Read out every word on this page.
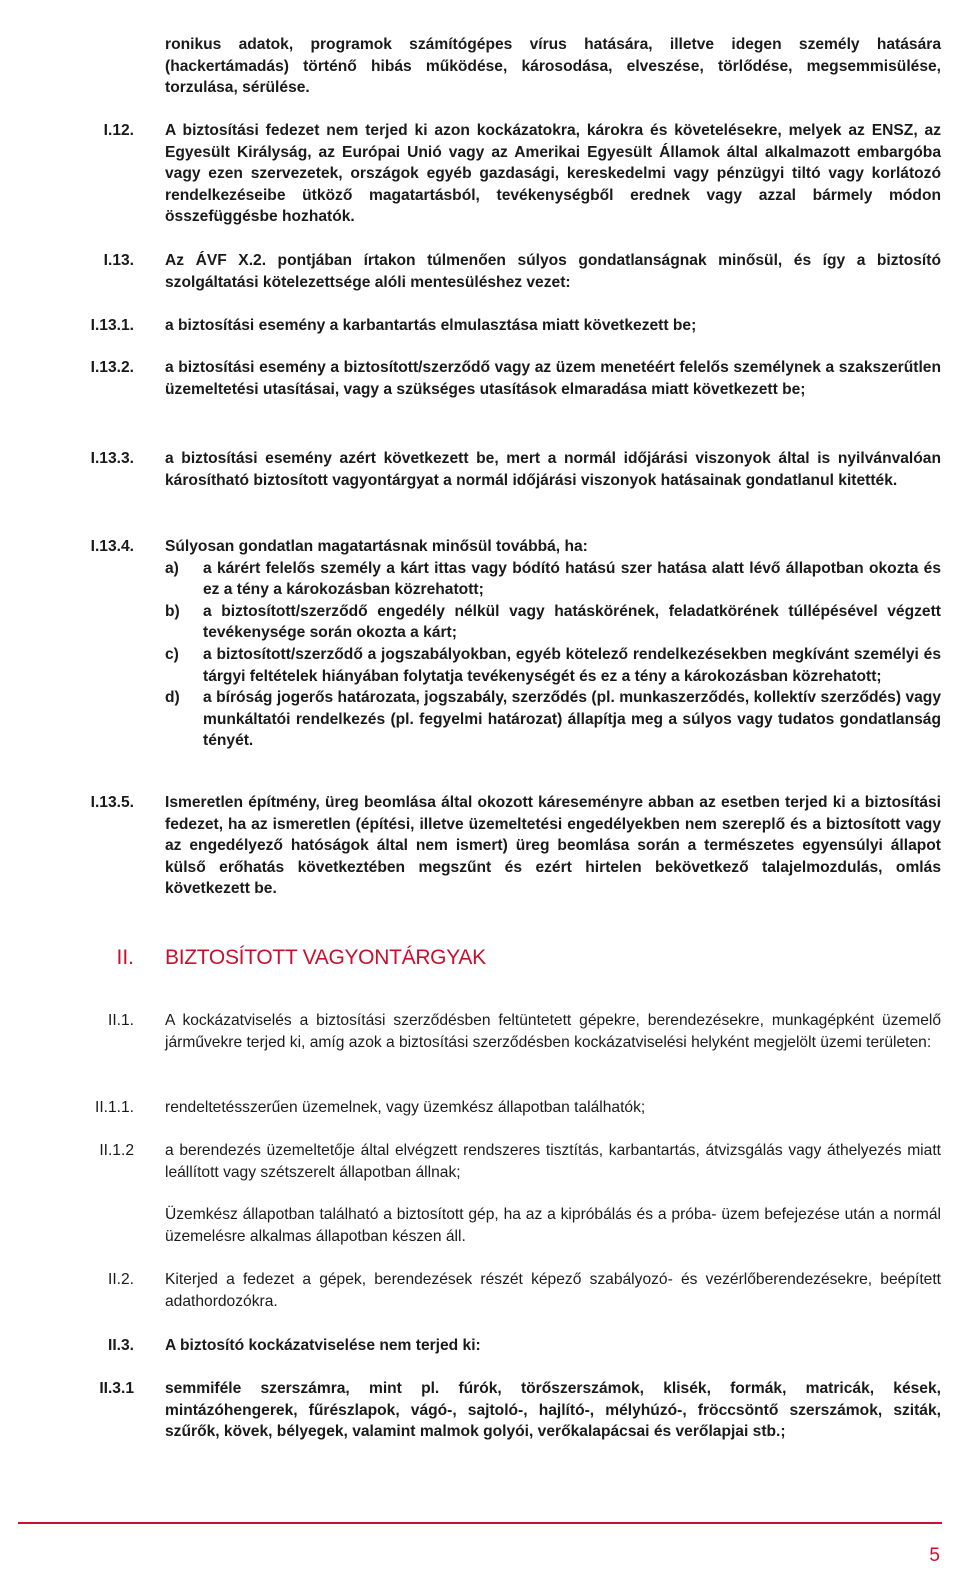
ronikus adatok, programok számítógépes vírus hatására, illetve idegen személy hatására (hackertámadás) történő hibás működése, károsodása, elveszése, törlődése, megsemmisülése, torzulása, sérülése.
I.12. A biztosítási fedezet nem terjed ki azon kockázatokra, károkra és követelésekre, melyek az ENSZ, az Egyesült Királyság, az Európai Unió vagy az Amerikai Egyesült Államok által alkalmazott embargóba vagy ezen szervezetek, országok egyéb gazdasági, kereskedelmi vagy pénzügyi tiltó vagy korlátozó rendelkezéseibe ütköző magatartásból, tevékenységből erednek vagy azzal bármely módon összefüggésbe hozhatók.
I.13. Az ÁVF X.2. pontjában írtakon túlmenően súlyos gondatlanságnak minősül, és így a biztosító szolgáltatási kötelezettsége alóli mentesüléshez vezet:
I.13.1. a biztosítási esemény a karbantartás elmulasztása miatt következett be;
I.13.2. a biztosítási esemény a biztosított/szerződő vagy az üzem menetéért felelős személynek a szakszerűtlen üzemeltetési utasításai, vagy a szükséges utasítások elmaradása miatt következett be;
I.13.3. a biztosítási esemény azért következett be, mert a normál időjárási viszonyok által is nyilvánvalóan károsítható biztosított vagyontárgyat a normál időjárási viszonyok hatásainak gondatlanul kitették.
I.13.4. Súlyosan gondatlan magatartásnak minősül továbbá, ha:
a) a kárért felelős személy a kárt ittas vagy bódító hatású szer hatása alatt lévő állapotban okozta és ez a tény a károkozásban közrehatott;
b) a biztosított/szerződő engedély nélkül vagy hatáskörének, feladatkörének túllépésével végzett tevékenysége során okozta a kárt;
c) a biztosított/szerződő a jogszabályokban, egyéb kötelező rendelkezésekben megkívánt személyi és tárgyi feltételek hiányában folytatja tevékenységét és ez a tény a károkozásban közrehatott;
d) a bíróság jogerős határozata, jogszabály, szerződés (pl. munkaszerződés, kollektív szerződés) vagy munkáltatói rendelkezés (pl. fegyelmi határozat) állapítja meg a súlyos vagy tudatos gondatlanság tényét.
I.13.5. Ismeretlen építmény, üreg beomlása által okozott káreseményre abban az esetben terjed ki a biztosítási fedezet, ha az ismeretlen (építési, illetve üzemeltetési engedélyekben nem szereplő és a biztosított vagy az engedélyező hatóságok által nem ismert) üreg beomlása során a természetes egyensúlyi állapot külső erőhatás következtében megszűnt és ezért hirtelen bekövetkező talajelmozdulás, omlás következett be.
II. BIZTOSÍTOTT VAGYONTÁRGYAK
II.1. A kockázatviselés a biztosítási szerződésben feltüntetett gépekre, berendezésekre, munkagépként üzemelő járművekre terjed ki, amíg azok a biztosítási szerződésben kockázatviselési helyként megjelölt üzemi területen:
II.1.1. rendeltetésszerűen üzemelnek, vagy üzemkész állapotban találhatók;
II.1.2 a berendezés üzemeltetője által elvégzett rendszeres tisztítás, karbantartás, átvizsgálás vagy áthelyezés miatt leállított vagy szétszerelt állapotban állnak;
Üzemkész állapotban található a biztosított gép, ha az a kipróbálás és a próba- üzem befejezése után a normál üzemelésre alkalmas állapotban készen áll.
II.2. Kiterjed a fedezet a gépek, berendezések részét képező szabályozó- és vezérlőberendezésekre, beépített adathordozókra.
II.3. A biztosító kockázatviselése nem terjed ki:
II.3.1 semmiféle szerszámra, mint pl. fúrók, törőszerszámok, klisék, formák, matricák, kések, mintázóhengerek, fűrészlapok, vágó-, sajtoló-, hajlító-, mélyhúzó-, fröccsöntő szerszámok, sziták, szűrők, kövek, bélyegek, valamint malmok golyói, verőkalapácsai és verőlapjai stb.;
5
